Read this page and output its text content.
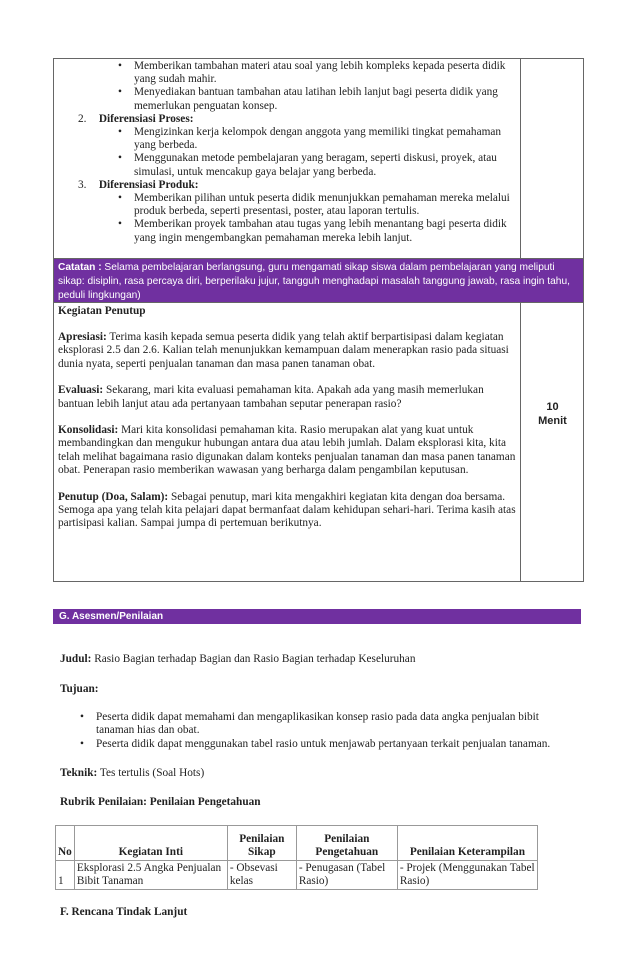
• Memberikan tambahan materi atau soal yang lebih kompleks kepada peserta didik yang sudah mahir.
• Menyediakan bantuan tambahan atau latihan lebih lanjut bagi peserta didik yang memerlukan penguatan konsep.
2. Diferensiasi Proses:
• Mengizinkan kerja kelompok dengan anggota yang memiliki tingkat pemahaman yang berbeda.
• Menggunakan metode pembelajaran yang beragam, seperti diskusi, proyek, atau simulasi, untuk mencakup gaya belajar yang berbeda.
3. Diferensiasi Produk:
• Memberikan pilihan untuk peserta didik menunjukkan pemahaman mereka melalui produk berbeda, seperti presentasi, poster, atau laporan tertulis.
• Memberikan proyek tambahan atau tugas yang lebih menantang bagi peserta didik yang ingin mengembangkan pemahaman mereka lebih lanjut.
Catatan : Selama pembelajaran berlangsung, guru mengamati sikap siswa dalam pembelajaran yang meliputi sikap: disiplin, rasa percaya diri, berperilaku jujur, tangguh menghadapi masalah tanggung jawab, rasa ingin tahu, peduli lingkungan)
Kegiatan Penutup

Apresiasi: Terima kasih kepada semua peserta didik yang telah aktif berpartisipasi dalam kegiatan eksplorasi 2.5 dan 2.6. Kalian telah menunjukkan kemampuan dalam menerapkan rasio pada situasi dunia nyata, seperti penjualan tanaman dan masa panen tanaman obat.

Evaluasi: Sekarang, mari kita evaluasi pemahaman kita. Apakah ada yang masih memerlukan bantuan lebih lanjut atau ada pertanyaan tambahan seputar penerapan rasio?

Konsolidasi: Mari kita konsolidasi pemahaman kita. Rasio merupakan alat yang kuat untuk membandingkan dan mengukur hubungan antara dua atau lebih jumlah. Dalam eksplorasi kita, kita telah melihat bagaimana rasio digunakan dalam konteks penjualan tanaman dan masa panen tanaman obat. Penerapan rasio memberikan wawasan yang berharga dalam pengambilan keputusan.

Penutup (Doa, Salam): Sebagai penutup, mari kita mengakhiri kegiatan kita dengan doa bersama. Semoga apa yang telah kita pelajari dapat bermanfaat dalam kehidupan sehari-hari. Terima kasih atas partisipasi kalian. Sampai jumpa di pertemuan berikutnya.

10
Menit
G. Asesmen/Penilaian
Judul: Rasio Bagian terhadap Bagian dan Rasio Bagian terhadap Keseluruhan
Tujuan:
• Peserta didik dapat memahami dan mengaplikasikan konsep rasio pada data angka penjualan bibit tanaman hias dan obat.
• Peserta didik dapat menggunakan tabel rasio untuk menjawab pertanyaan terkait penjualan tanaman.
Teknik: Tes tertulis (Soal Hots)
Rubrik Penilaian: Penilaian Pengetahuan
No	Kegiatan Inti	Penilaian Sikap	Penilaian Pengetahuan	Penilaian Keterampilan
1	Eksplorasi 2.5 Angka Penjualan Bibit Tanaman	- Obsevasi kelas	- Penugasan (Tabel Rasio)	- Projek (Menggunakan Tabel Rasio)
F. Rencana Tindak Lanjut
